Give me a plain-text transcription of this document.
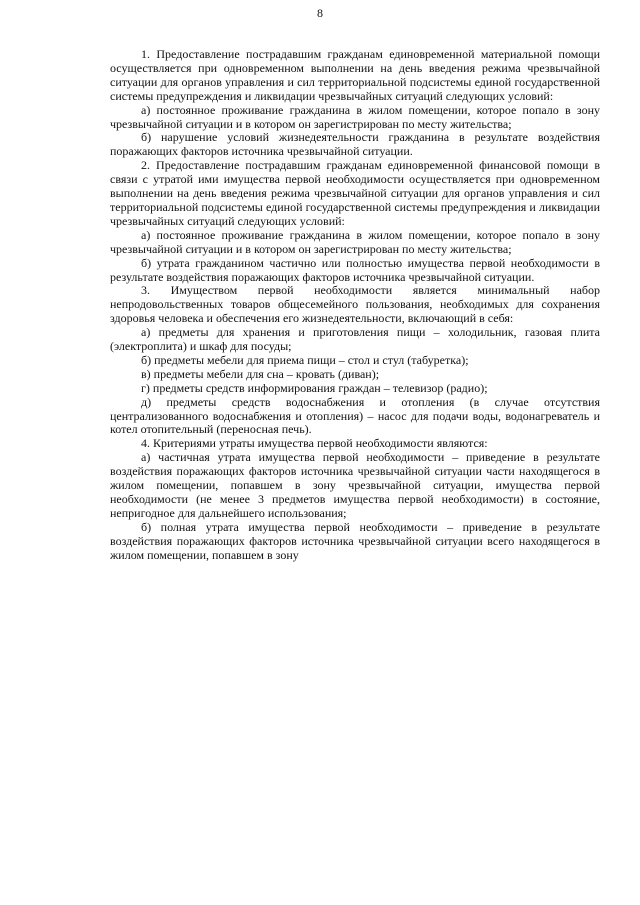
8

1. Предоставление пострадавшим гражданам единовременной материальной помощи осуществляется при одновременном выполнении на день введения режима чрезвычайной ситуации для органов управления и сил территориальной подсистемы единой государственной системы предупреждения и ликвидации чрезвычайных ситуаций следующих условий:

а) постоянное проживание гражданина в жилом помещении, которое попало в зону чрезвычайной ситуации и в котором он зарегистрирован по месту жительства;

б) нарушение условий жизнедеятельности гражданина в результате воздействия поражающих факторов источника чрезвычайной ситуации.

2. Предоставление пострадавшим гражданам единовременной финансовой помощи в связи с утратой ими имущества первой необходимости осуществляется при одновременном выполнении на день введения режима чрезвычайной ситуации для органов управления и сил территориальной подсистемы единой государственной системы предупреждения и ликвидации чрезвычайных ситуаций следующих условий:

а) постоянное проживание гражданина в жилом помещении, которое попало в зону чрезвычайной ситуации и в котором он зарегистрирован по месту жительства;

б) утрата гражданином частично или полностью имущества первой необходимости в результате воздействия поражающих факторов источника чрезвычайной ситуации.

3. Имуществом первой необходимости является минимальный набор непродовольственных товаров общесемейного пользования, необходимых для сохранения здоровья человека и обеспечения его жизнедеятельности, включающий в себя:

а) предметы для хранения и приготовления пищи – холодильник, газовая плита (электроплита) и шкаф для посуды;

б) предметы мебели для приема пищи – стол и стул (табуретка);

в) предметы мебели для сна – кровать (диван);

г) предметы средств информирования граждан – телевизор (радио);

д) предметы средств водоснабжения и отопления (в случае отсутствия централизованного водоснабжения и отопления) – насос для подачи воды, водонагреватель и котел отопительный (переносная печь).

4. Критериями утраты имущества первой необходимости являются:

а) частичная утрата имущества первой необходимости – приведение в результате воздействия поражающих факторов источника чрезвычайной ситуации части находящегося в жилом помещении, попавшем в зону чрезвычайной ситуации, имущества первой необходимости (не менее 3 предметов имущества первой необходимости) в состояние, непригодное для дальнейшего использования;

б) полная утрата имущества первой необходимости – приведение в результате воздействия поражающих факторов источника чрезвычайной ситуации всего находящегося в жилом помещении, попавшем в зону
